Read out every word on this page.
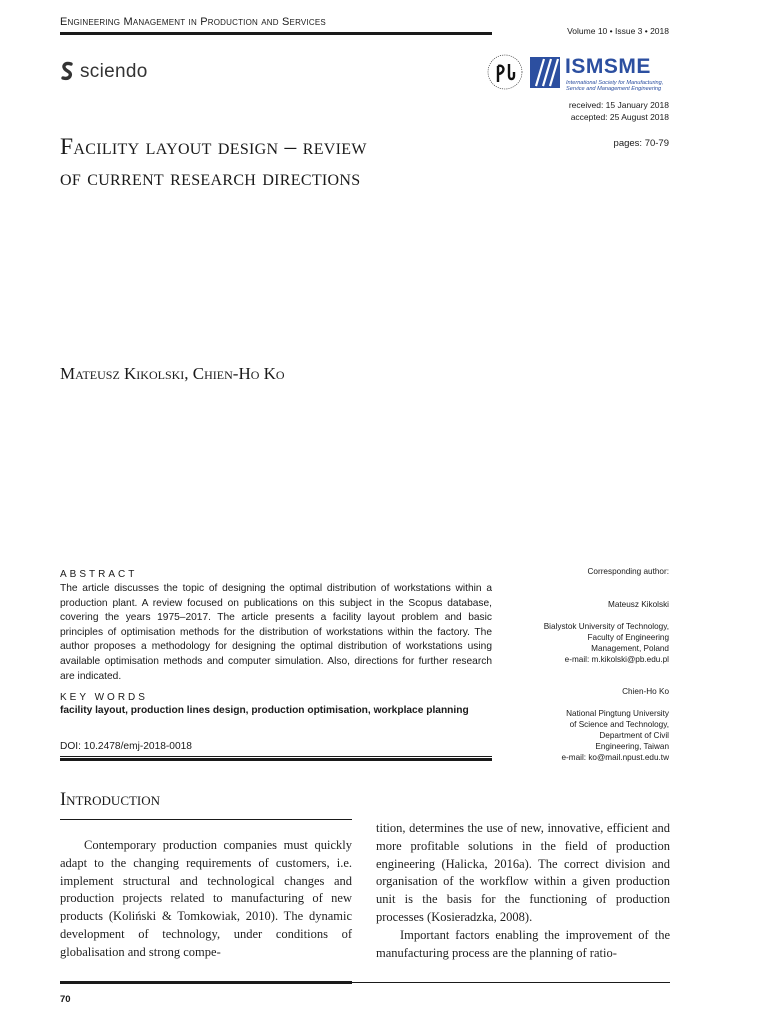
Engineering Management in Production and Services
Volume 10 • Issue 3 • 2018
sciendo	ISMSME
International Society for Manufacturing,
Service and Management Engineering
received: 15 January 2018
accepted: 25 August 2018
pages: 70-79
Facility layout design – review
of current research directions
Mateusz Kikolski, Chien-Ho Ko
ABSTRACT
The article discusses the topic of designing the optimal distribution of workstations within a production plant. A review focused on publications on this subject in the Scopus database, covering the years 1975–2017. The article presents a facility layout problem and basic principles of optimisation methods for the distribution of workstations within the factory. The author proposes a methodology for designing the optimal distribution of workstations using available optimisation methods and computer simulation. Also, directions for further research are indicated.
KEY WORDS
facility layout, production lines design, production optimisation, workplace planning
DOI: 10.2478/emj-2018-0018
Corresponding author:
Mateusz Kikolski
Bialystok University of Technology,
Faculty of Engineering
Management, Poland
e-mail: m.kikolski@pb.edu.pl
Chien-Ho Ko
National Pingtung University
of Science and Technology,
Department of Civil
Engineering, Taiwan
e-mail: ko@mail.npust.edu.tw
Introduction

Contemporary production companies must quickly adapt to the changing requirements of customers, i.e. implement structural and technological changes and production projects related to manufacturing of new products (Koliński & Tomkowiak, 2010). The dynamic development of technology, under conditions of globalisation and strong compe-

tition, determines the use of new, innovative, efficient and more profitable solutions in the field of production engineering (Halicka, 2016a). The correct division and organisation of the workflow within a given production unit is the basis for the functioning of production processes (Kosieradzka, 2008).

Important factors enabling the improvement of the manufacturing process are the planning of ratio-

70
